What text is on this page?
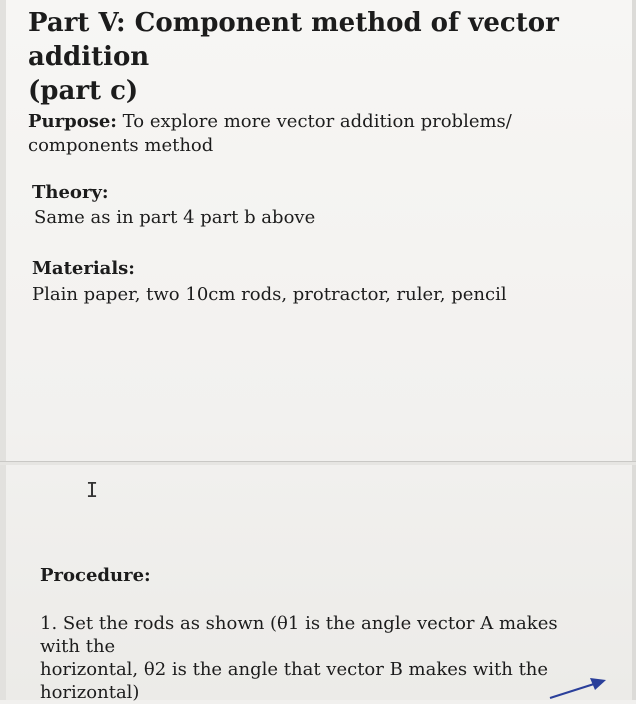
Part V: Component method of vector addition
(part c)
Purpose: To explore more vector addition problems/ components method
Theory:
Same as in part 4 part b above
Materials:
Plain paper, two 10cm rods, protractor, ruler, pencil
I
Procedure:
1. Set the rods as shown (θ1 is the angle vector A makes with the
horizontal, θ2 is the angle that vector B makes with the horizontal)
